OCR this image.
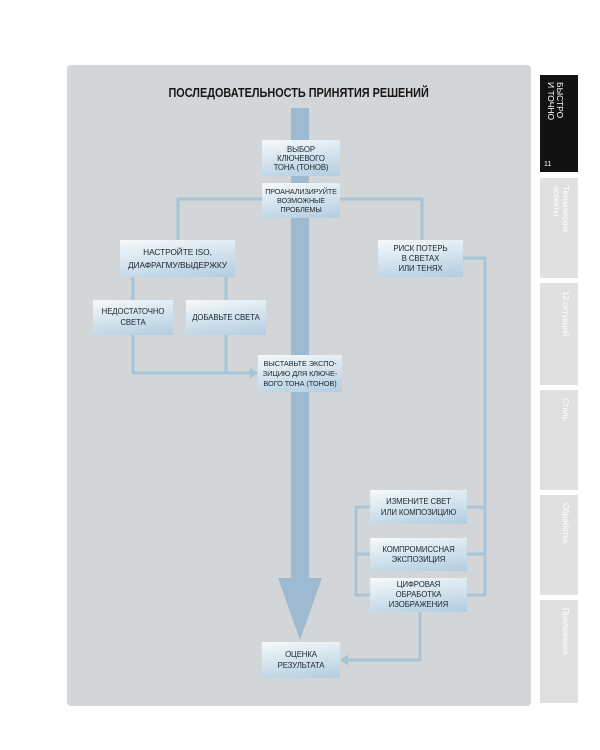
ПОСЛЕДОВАТЕЛЬНОСТЬ ПРИНЯТИЯ РЕШЕНИЙ
ВЫБОР
КЛЮЧЕВОГО
ТОНА (ТОНОВ)
ПРОАНАЛИЗИРУЙТЕ
ВОЗМОЖНЫЕ
ПРОБЛЕМЫ
НАСТРОЙТЕ ISO,
ДИАФРАГМУ/ВЫДЕРЖКУ
РИСК ПОТЕРЬ
В СВЕТАХ
ИЛИ ТЕНЯХ
НЕДОСТАТОЧНО
СВЕТА
ДОБАВЬТЕ СВЕТА
ВЫСТАВЬТЕ ЭКСПО-
ЗИЦИЮ ДЛЯ КЛЮЧЕ-
ВОГО ТОНА (ТОНОВ)
ИЗМЕНИТЕ СВЕТ
ИЛИ КОМПОЗИЦИЮ
КОМПРОМИССНАЯ
ЭКСПОЗИЦИЯ
ЦИФРОВАЯ
ОБРАБОТКА
ИЗОБРАЖЕНИЯ
ОЦЕНКА
РЕЗУЛЬТАТА
БЫСТРО
И ТОЧНО
11
Технические
аспекты
12 ситуаций
Стиль
Обработка
Приложения
